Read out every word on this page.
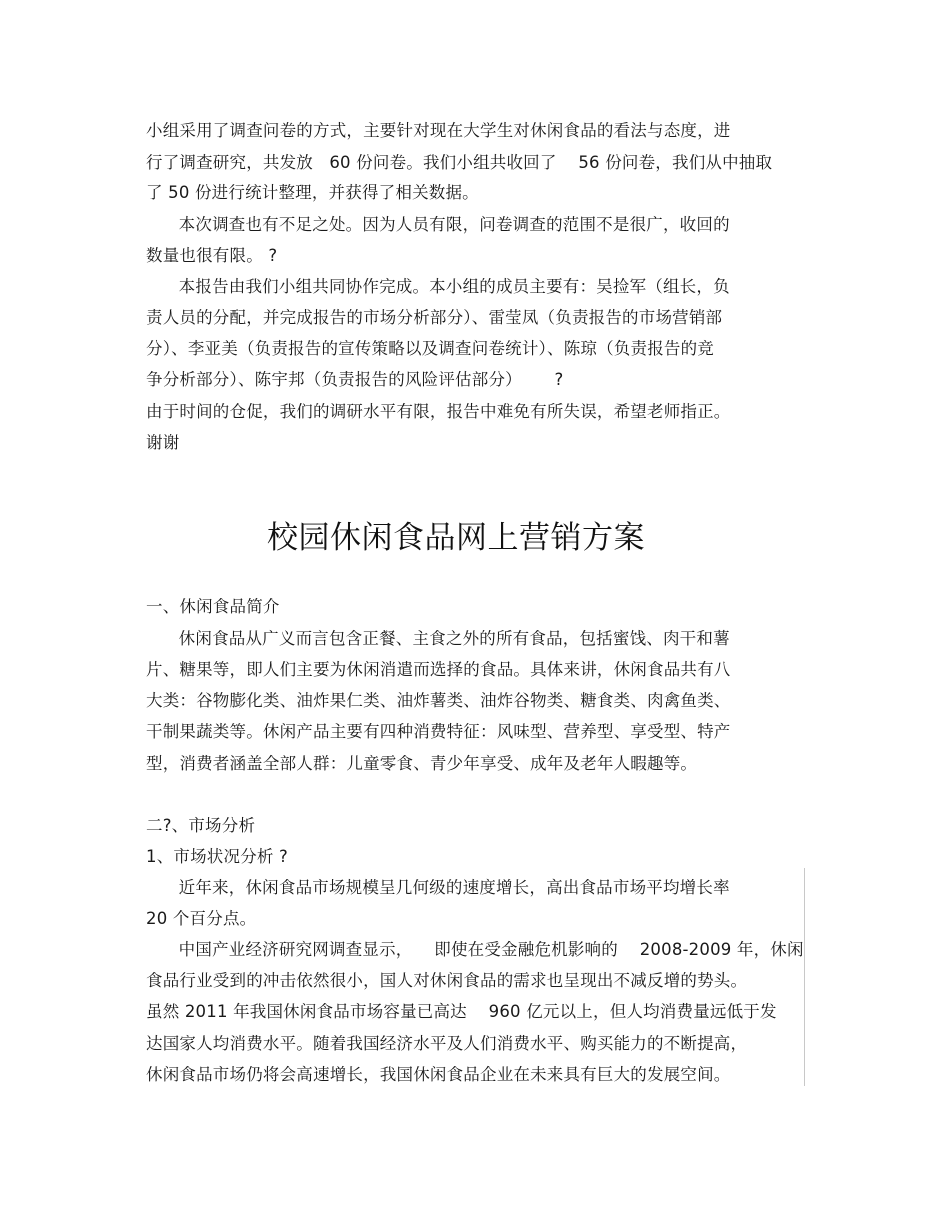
小组采用了调查问卷的方式，主要针对现在大学生对休闲食品的看法与态度，进
行了调查研究，共发放   60 份问卷。我们小组共收回了    56 份问卷，我们从中抽取
了 50 份进行统计整理，并获得了相关数据。
本次调查也有不足之处。因为人员有限，问卷调查的范围不是很广，收回的
数量也很有限。 ?
本报告由我们小组共同协作完成。本小组的成员主要有：吴捡军（组长，负
责人员的分配，并完成报告的市场分析部分）、雷莹凤（负责报告的市场营销部
分）、李亚美（负责报告的宣传策略以及调查问卷统计）、陈琼（负责报告的竞
争分析部分）、陈宇邦（负责报告的风险评估部分）      ?
由于时间的仓促，我们的调研水平有限，报告中难免有所失误，希望老师指正。
谢谢
校园休闲食品网上营销方案
一、休闲食品简介
休闲食品从广义而言包含正餐、主食之外的所有食品，包括蜜饯、肉干和薯
片、糖果等，即人们主要为休闲消遣而选择的食品。具体来讲，休闲食品共有八
大类：谷物膨化类、油炸果仁类、油炸薯类、油炸谷物类、糖食类、肉禽鱼类、
干制果蔬类等。休闲产品主要有四种消费特征：风味型、营养型、享受型、特产
型，消费者涵盖全部人群：儿童零食、青少年享受、成年及老年人暇趣等。
二?、市场分析
1、市场状况分析 ?
近年来，休闲食品市场规模呈几何级的速度增长，高出食品市场平均增长率
20 个百分点。
中国产业经济研究网调查显示，    即使在受金融危机影响的    2008-2009 年，休闲
食品行业受到的冲击依然很小，国人对休闲食品的需求也呈现出不减反增的势头。
虽然 2011 年我国休闲食品市场容量已高达    960 亿元以上，但人均消费量远低于发
达国家人均消费水平。随着我国经济水平及人们消费水平、购买能力的不断提高，
休闲食品市场仍将会高速增长，我国休闲食品企业在未来具有巨大的发展空间。
